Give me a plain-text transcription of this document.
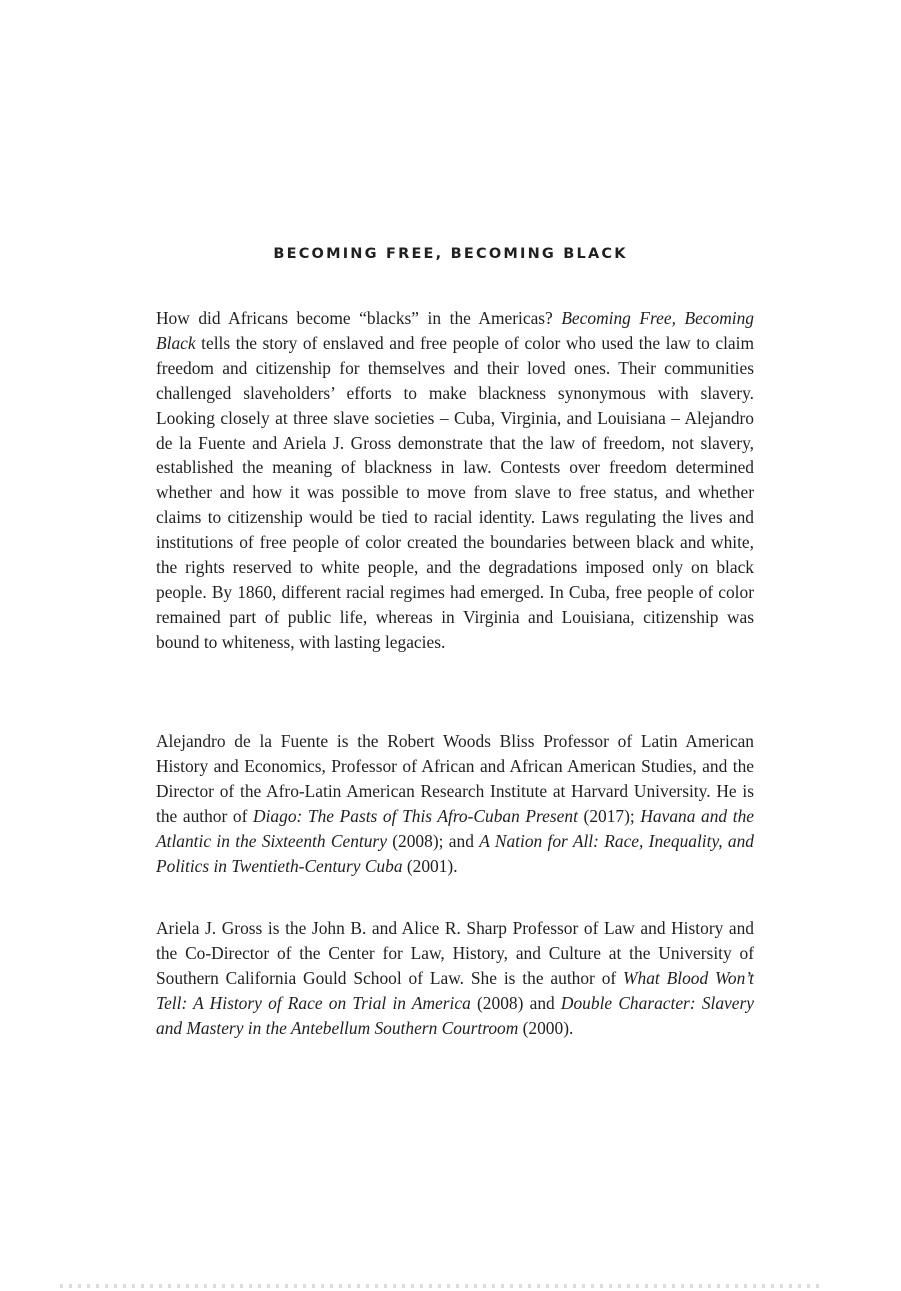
BECOMING FREE, BECOMING BLACK

How did Africans become “blacks” in the Americas? Becoming Free, Becoming Black tells the story of enslaved and free people of color who used the law to claim freedom and citizenship for themselves and their loved ones. Their communities challenged slaveholders’ efforts to make blackness synonymous with slavery. Looking closely at three slave societies – Cuba, Virginia, and Louisiana – Alejandro de la Fuente and Ariela J. Gross demonstrate that the law of freedom, not slavery, established the meaning of blackness in law. Contests over freedom determined whether and how it was possible to move from slave to free status, and whether claims to citizenship would be tied to racial identity. Laws regulating the lives and institutions of free people of color created the boundaries between black and white, the rights reserved to white people, and the degradations imposed only on black people. By 1860, different racial regimes had emerged. In Cuba, free people of color remained part of public life, whereas in Virginia and Louisiana, citizenship was bound to whiteness, with lasting legacies.

Alejandro de la Fuente is the Robert Woods Bliss Professor of Latin American History and Economics, Professor of African and African American Studies, and the Director of the Afro-Latin American Research Institute at Harvard University. He is the author of Diago: The Pasts of This Afro-Cuban Present (2017); Havana and the Atlantic in the Sixteenth Century (2008); and A Nation for All: Race, Inequality, and Politics in Twentieth-Century Cuba (2001).

Ariela J. Gross is the John B. and Alice R. Sharp Professor of Law and History and the Co-Director of the Center for Law, History, and Culture at the University of Southern California Gould School of Law. She is the author of What Blood Won’t Tell: A History of Race on Trial in America (2008) and Double Character: Slavery and Mastery in the Antebellum Southern Courtroom (2000).
